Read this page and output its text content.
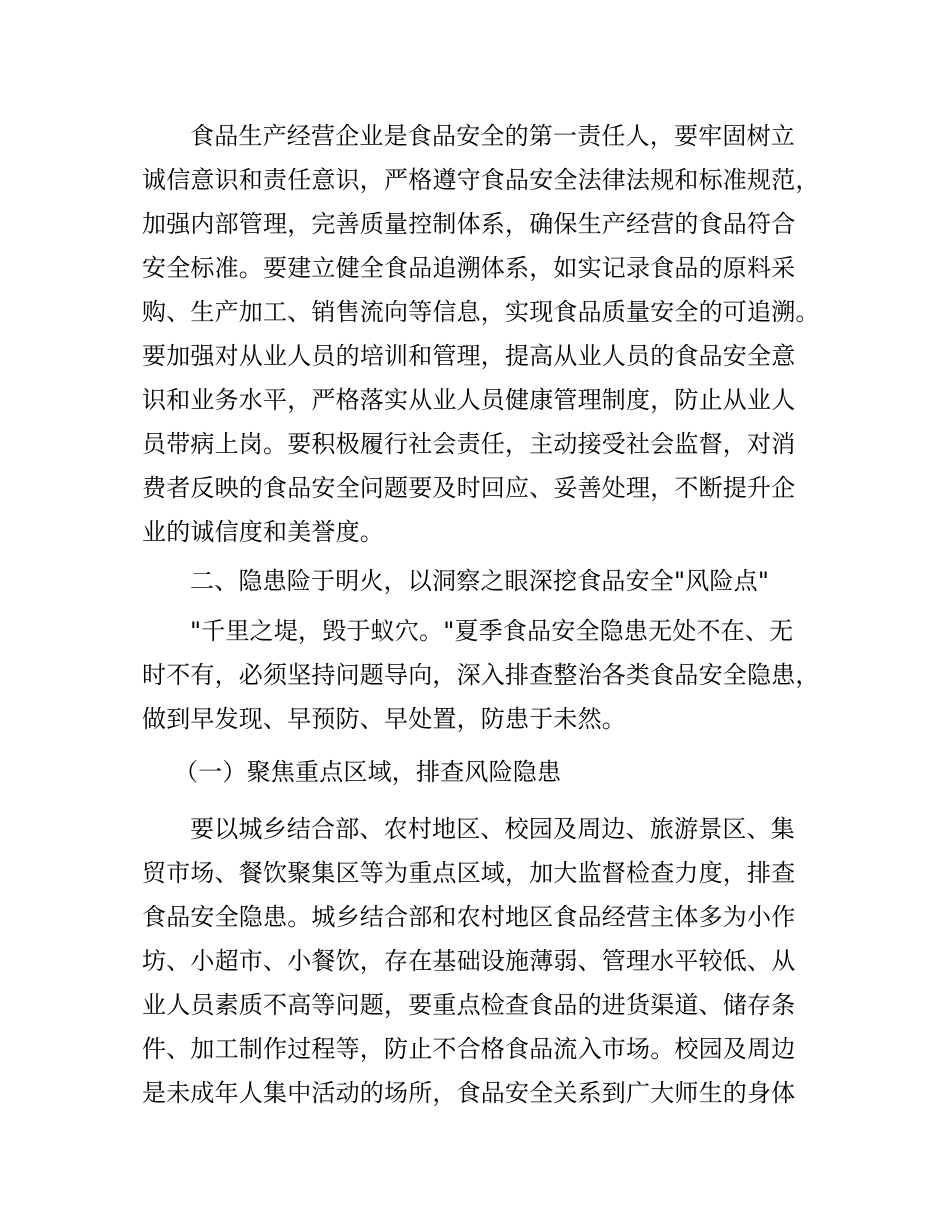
食品生产经营企业是食品安全的第一责任人，要牢固树立
诚信意识和责任意识，严格遵守食品安全法律法规和标准规范，
加强内部管理，完善质量控制体系，确保生产经营的食品符合
安全标准。要建立健全食品追溯体系，如实记录食品的原料采
购、生产加工、销售流向等信息，实现食品质量安全的可追溯。
要加强对从业人员的培训和管理，提高从业人员的食品安全意
识和业务水平，严格落实从业人员健康管理制度，防止从业人
员带病上岗。要积极履行社会责任，主动接受社会监督，对消
费者反映的食品安全问题要及时回应、妥善处理，不断提升企
业的诚信度和美誉度。
二、隐患险于明火，以洞察之眼深挖食品安全"风险点"
"千里之堤，毁于蚁穴。"夏季食品安全隐患无处不在、无
时不有，必须坚持问题导向，深入排查整治各类食品安全隐患，
做到早发现、早预防、早处置，防患于未然。
（一）聚焦重点区域，排查风险隐患
要以城乡结合部、农村地区、校园及周边、旅游景区、集
贸市场、餐饮聚集区等为重点区域，加大监督检查力度，排查
食品安全隐患。城乡结合部和农村地区食品经营主体多为小作
坊、小超市、小餐饮，存在基础设施薄弱、管理水平较低、从
业人员素质不高等问题，要重点检查食品的进货渠道、储存条
件、加工制作过程等，防止不合格食品流入市场。校园及周边
是未成年人集中活动的场所，食品安全关系到广大师生的身体
